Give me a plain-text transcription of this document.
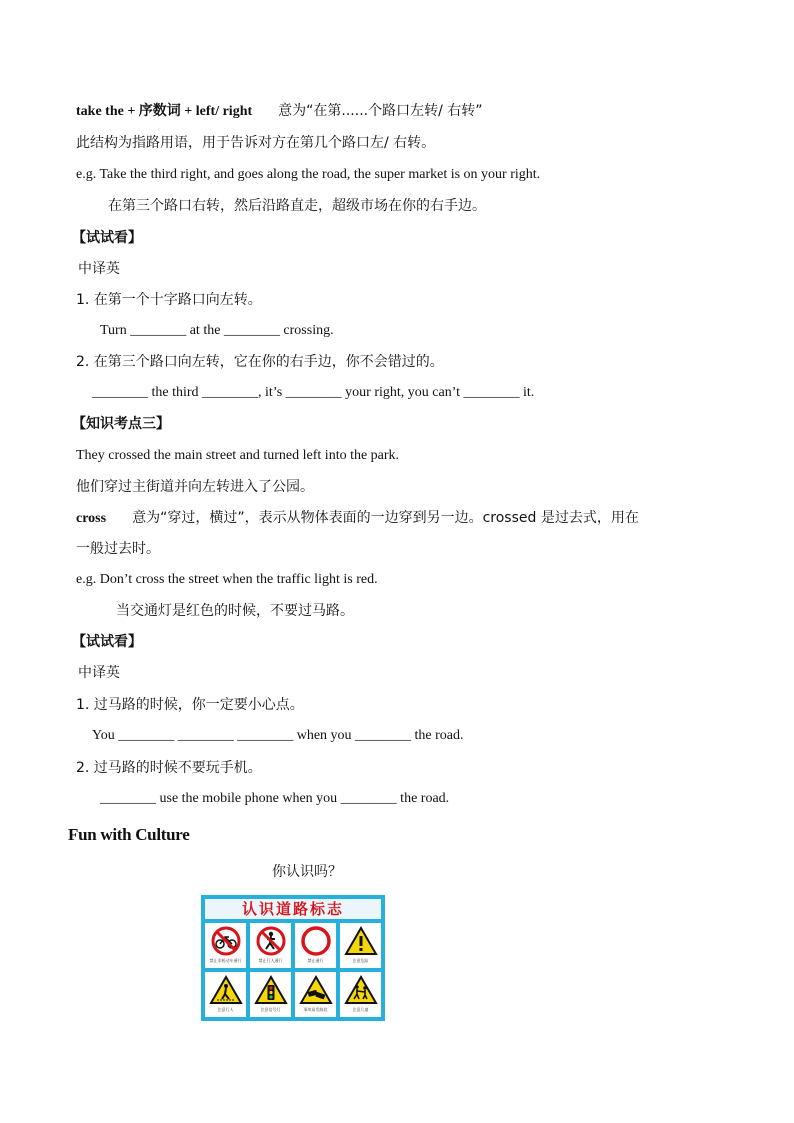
take the + 序数词 + left/ right 意为“在第......个路口左转/ 右转”
此结构为指路用语，用于告诉对方在第几个路口左/ 右转。
e.g. Take the third right, and goes along the road, the super market is on your right.
在第三个路口右转，然后沿路直走，超级市场在你的右手边。
【试试看】
中译英
1. 在第一个十字路口向左转。
Turn ________ at the ________ crossing.
2. 在第三个路口向左转，它在你的右手边，你不会错过的。
________ the third ________, it’s ________ your right, you can’t ________ it.
【知识考点三】
They crossed the main street and turned left into the park.
他们穿过主街道并向左转进入了公园。
cross 意为“穿过，横过”，表示从物体表面的一边穿到另一边。crossed 是过去式，用在
一般过去时。
e.g. Don’t cross the street when the traffic light is red.
当交通灯是红色的时候，不要过马路。
【试试看】
中译英
1. 过马路的时候，你一定要小心点。
You ________ ________ ________ when you ________ the road.
2. 过马路的时候不要玩手机。
________ use the mobile phone when you ________ the road.
Fun with Culture
你认识吗？
认识道路标志
禁止非机动车通行	禁止行人通行	禁止通行	注意危险
注意行人	注意信号灯	事故易发路段	注意儿童
